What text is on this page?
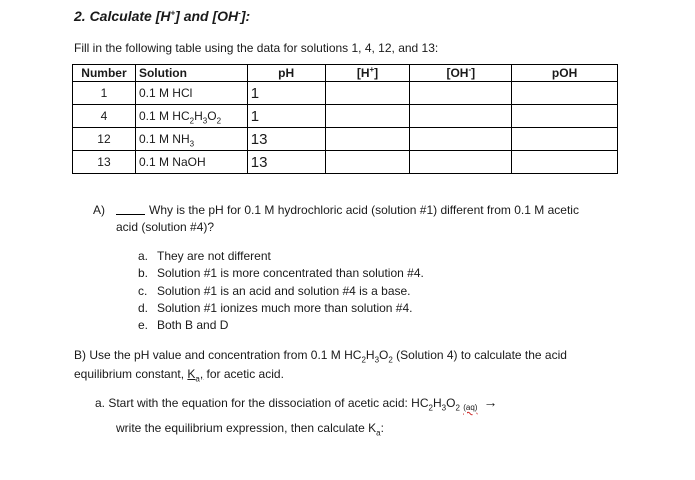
2. Calculate [H+] and [OH-]:
Fill in the following table using the data for solutions 1, 4, 12, and 13:
Number	Solution	pH	[H+]	[OH-]	pOH
1	0.1 M HCl	1			
4	0.1 M $HC_2H_3O_2$	1			
12	0.1 M $NH_3$	13			
13	0.1 M NaOH	13			
A)	Why is the pH for 0.1 M hydrochloric acid (solution #1) different from 0.1 M acetic
acid (solution #4)?
a. They are not different
b. Solution #1 is more concentrated than solution #4.
c. Solution #1 is an acid and solution #4 is a base.
d. Solution #1 ionizes much more than solution #4.
e. Both B and D
B) Use the pH value and concentration from 0.1 M $HC_2H_3O_2$ (Solution 4) to calculate the acid
equilibrium constant, $K_a$, for acetic acid.
a. Start with the equation for the dissociation of acetic acid: $HC_2H_3O_2$ $_{(aq)}$ →
write the equilibrium expression, then calculate $K_a$:
